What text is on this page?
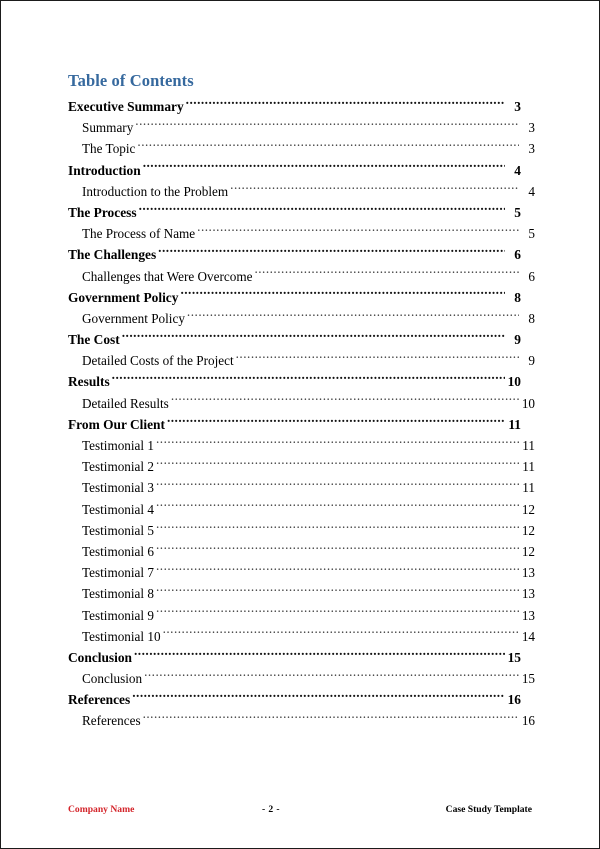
Table of Contents
Executive Summary .....	3
Summary .....	3
The Topic .....	3
Introduction .....	4
Introduction to the Problem .....	4
The Process .....	5
The Process of Name .....	5
The Challenges .....	6
Challenges that Were Overcome .....	6
Government Policy .....	8
Government Policy .....	8
The Cost .....	9
Detailed Costs of the Project .....	9
Results .....	10
Detailed Results .....	10
From Our Client .....	11
Testimonial 1 .....	11
Testimonial 2 .....	11
Testimonial 3 .....	11
Testimonial 4 .....	12
Testimonial 5 .....	12
Testimonial 6 .....	12
Testimonial 7 .....	13
Testimonial 8 .....	13
Testimonial 9 .....	13
Testimonial 10 .....	14
Conclusion .....	15
Conclusion .....	15
References .....	16
References .....	16
Company Name	- 2 -	Case Study Template
